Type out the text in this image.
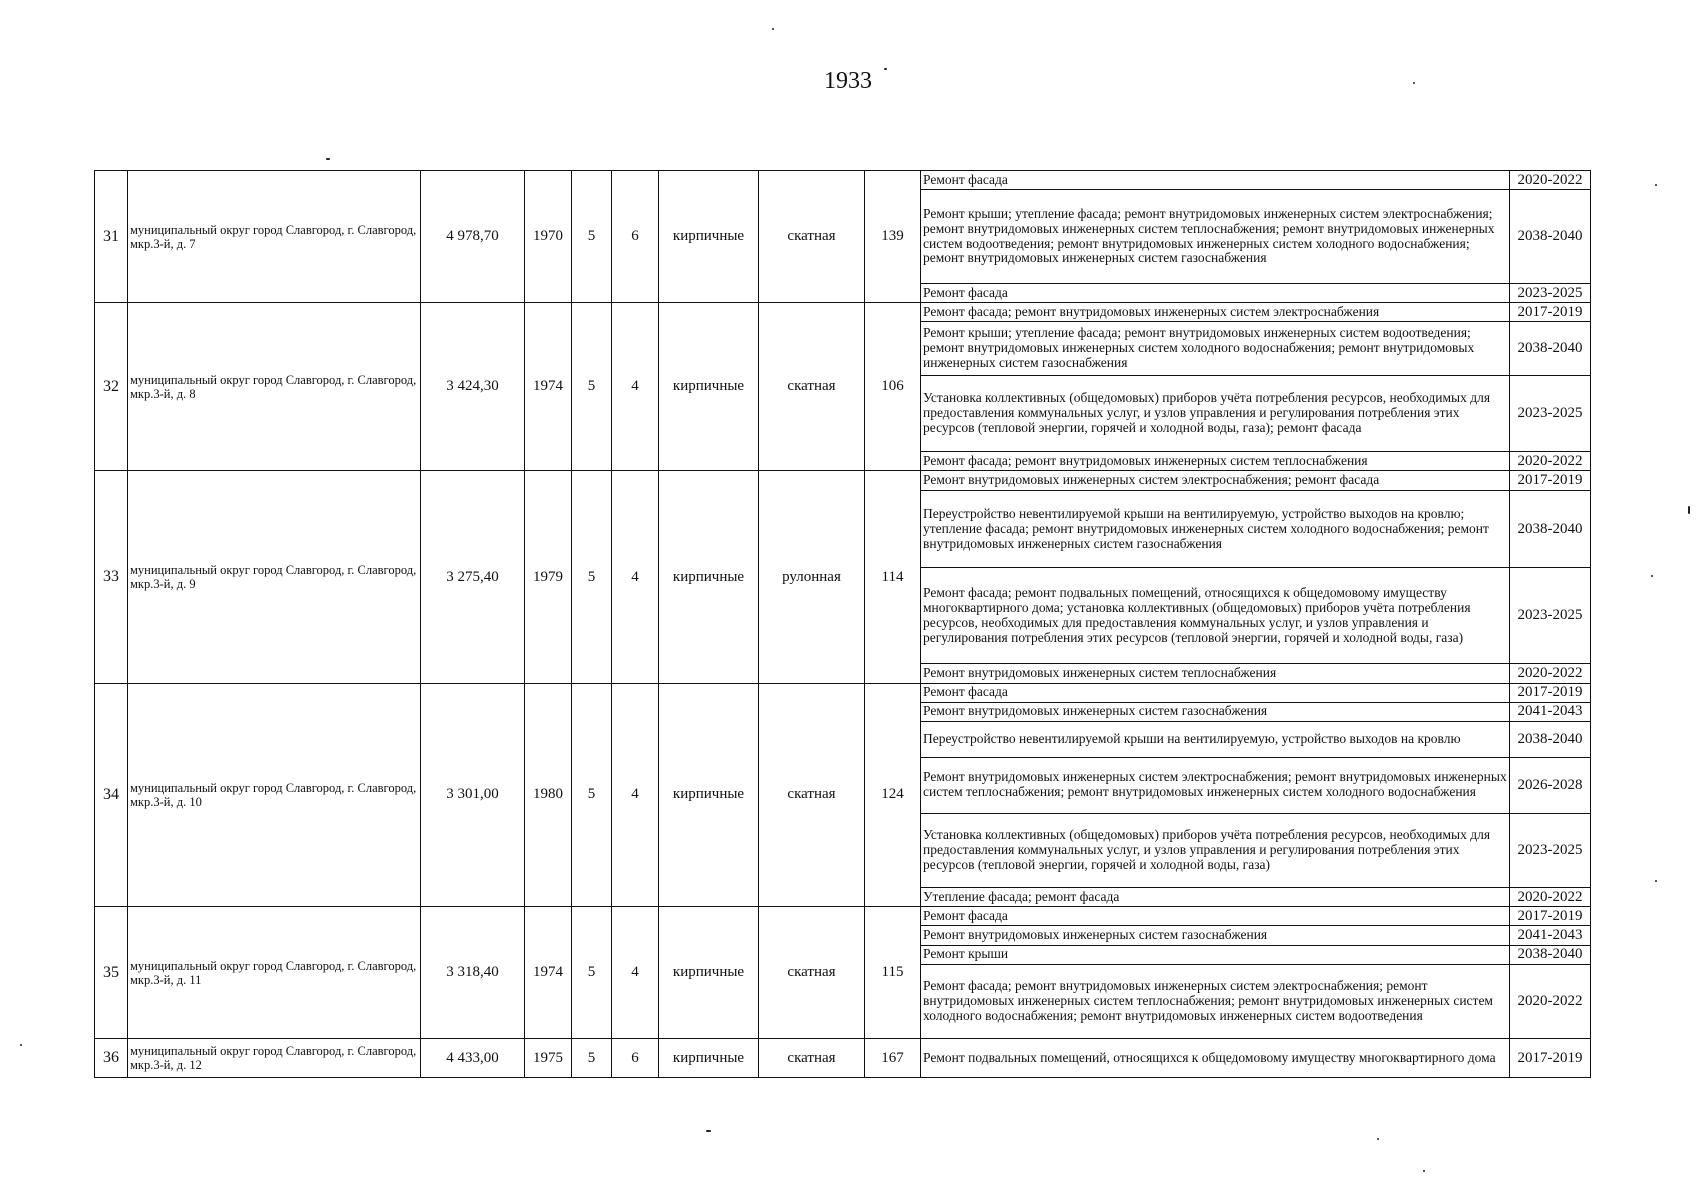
1933
31	муниципальный округ город Славгород, г. Славгород, мкр.3-й, д. 7	4 978,70	1970	5	6	кирпичные	скатная	139	Ремонт фасада	2020-2022
									Ремонт крыши; утепление фасада; ремонт внутридомовых инженерных систем электроснабжения; ремонт внутридомовых инженерных систем теплоснабжения; ремонт внутридомовых инженерных систем водоотведения; ремонт внутридомовых инженерных систем холодного водоснабжения; ремонт внутридомовых инженерных систем газоснабжения	2038-2040
									Ремонт фасада	2023-2025
32	муниципальный округ город Славгород, г. Славгород, мкр.3-й, д. 8	3 424,30	1974	5	4	кирпичные	скатная	106	Ремонт фасада; ремонт внутридомовых инженерных систем электроснабжения	2017-2019
									Ремонт крыши; утепление фасада; ремонт внутридомовых инженерных систем водоотведения; ремонт внутридомовых инженерных систем холодного водоснабжения; ремонт внутридомовых инженерных систем газоснабжения	2038-2040
									Установка коллективных (общедомовых) приборов учёта потребления ресурсов, необходимых для предоставления коммунальных услуг, и узлов управления и регулирования потребления этих ресурсов (тепловой энергии, горячей и холодной воды, газа); ремонт фасада	2023-2025
									Ремонт фасада; ремонт внутридомовых инженерных систем теплоснабжения	2020-2022
33	муниципальный округ город Славгород, г. Славгород, мкр.3-й, д. 9	3 275,40	1979	5	4	кирпичные	рулонная	114	Ремонт внутридомовых инженерных систем электроснабжения; ремонт фасада	2017-2019
									Переустройство невентилируемой крыши на вентилируемую, устройство выходов на кровлю; утепление фасада; ремонт внутридомовых инженерных систем холодного водоснабжения; ремонт внутридомовых инженерных систем газоснабжения	2038-2040
									Ремонт фасада; ремонт подвальных помещений, относящихся к общедомовому имуществу многоквартирного дома; установка коллективных (общедомовых) приборов учёта потребления ресурсов, необходимых для предоставления коммунальных услуг, и узлов управления и регулирования потребления этих ресурсов (тепловой энергии, горячей и холодной воды, газа)	2023-2025
									Ремонт внутридомовых инженерных систем теплоснабжения	2020-2022
34	муниципальный округ город Славгород, г. Славгород, мкр.3-й, д. 10	3 301,00	1980	5	4	кирпичные	скатная	124	Ремонт фасада	2017-2019
									Ремонт внутридомовых инженерных систем газоснабжения	2041-2043
									Переустройство невентилируемой крыши на вентилируемую, устройство выходов на кровлю	2038-2040
									Ремонт внутридомовых инженерных систем электроснабжения; ремонт внутридомовых инженерных систем теплоснабжения; ремонт внутридомовых инженерных систем холодного водоснабжения	2026-2028
									Установка коллективных (общедомовых) приборов учёта потребления ресурсов, необходимых для предоставления коммунальных услуг, и узлов управления и регулирования потребления этих ресурсов (тепловой энергии, горячей и холодной воды, газа)	2023-2025
									Утепление фасада; ремонт фасада	2020-2022
35	муниципальный округ город Славгород, г. Славгород, мкр.3-й, д. 11	3 318,40	1974	5	4	кирпичные	скатная	115	Ремонт фасада	2017-2019
									Ремонт внутридомовых инженерных систем газоснабжения	2041-2043
									Ремонт крыши	2038-2040
									Ремонт фасада; ремонт внутридомовых инженерных систем электроснабжения; ремонт внутридомовых инженерных систем теплоснабжения; ремонт внутридомовых инженерных систем холодного водоснабжения; ремонт внутридомовых инженерных систем водоотведения	2020-2022
36	муниципальный округ город Славгород, г. Славгород, мкр.3-й, д. 12	4 433,00	1975	5	6	кирпичные	скатная	167	Ремонт подвальных помещений, относящихся к общедомовому имуществу многоквартирного дома	2017-2019
